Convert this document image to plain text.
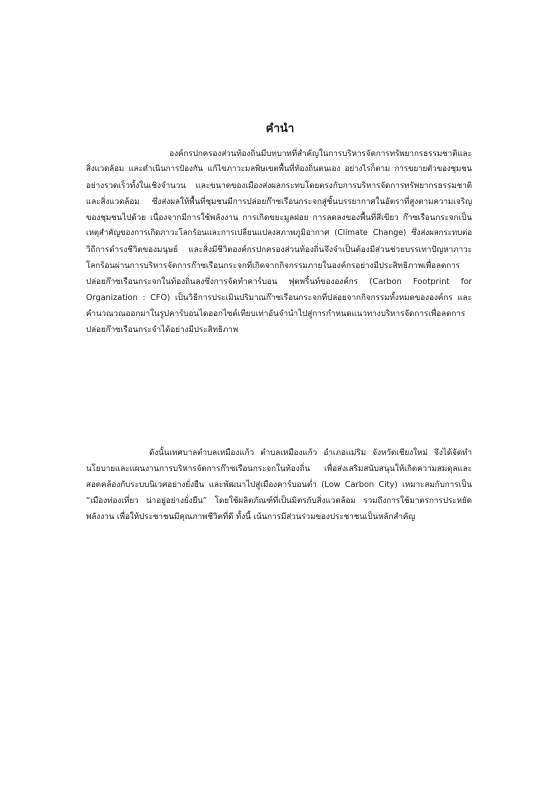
คำนำ
องค์กรปกครองส่วนท้องถิ่นมีบทบาทที่สำคัญในการบริหารจัดการทรัพยากรธรรมชาติและ
สิ่งแวดล้อม และดำเนินการป้องกัน แก้ไขภาวะมลพิษเขตพื้นที่ท้องถิ่นตนเอง อย่างไรก็ตาม การขยายตัวของชุมชน
อย่างรวดเร็วทั้งในเชิงจำนวน และขนาดของเมืองส่งผลกระทบโดยตรงกับการบริหารจัดการทรัพยากรธรรมชาติ
และสิ่งแวดล้อม ซึ่งส่งผลให้พื้นที่ชุมชนมีการปล่อยก๊าซเรือนกระจกสู่ชั้นบรรยากาศในอัตราที่สูงตามความเจริญ
ของชุมชนไปด้วย เนื่องจากมีการใช้พลังงาน การเกิดขยะมูลฝอย การลดลงของพื้นที่สีเขียว ก๊าซเรือนกระจกเป็น
เหตุสำคัญของการเกิดภาวะโลกร้อนและการเปลี่ยนแปลงสภาพภูมิอากาศ (Climate Change) ซึ่งส่งผลกระทบต่อ
วิถีการดำรงชีวิตของมนุษย์ และสิ่งมีชีวิตองค์กรปกครองส่วนท้องถิ่นจึงจำเป็นต้องมีส่วนช่วยบรรเทาปัญหาภาวะ
โลกร้อนผ่านการบริหารจัดการก๊าซเรือนกระจกที่เกิดจากกิจกรรมภายในองค์กรอย่างมีประสิทธิภาพเพื่อลดการ
ปล่อยก๊าซเรือนกระจกในท้องถิ่นลงซึ่งการจัดทำคาร์บอน ฟุตพริ้นท์ขององค์กร (Carbon Footprint for
Organization : CFO) เป็นวิธีการประเมินปริมาณก๊าซเรือนกระจกที่ปล่อยจากกิจกรรมทั้งหมดขององค์กร และ
คำนวณวณออกมาในรูปคาร์บอนไดออกไซด์เทียบเท่าอันจำนำไปสู่การกำหนดแนวทางบริหารจัดการเพื่อลดการ
ปล่อยก๊าซเรือนกระจำได้อย่างมีประสิทธิภาพ
ดังนั้นเทศบาลตำบลเหมืองแก้ว ตำบลเหมืองแก้ว อำเภอแม่ริม จังหวัดเชียงใหม่ จึงได้จัดทำ
นโยบายและแผนงานการบริหารจัดการก๊าซเรือนกระจกในท้องถิ่น เพื่อส่งเสริมสนับสนุนให้เกิดความสมดุลและ
สอดคล้องกับระบบนิเวศอย่างยั่งยืน และพัฒนาไปสู่เมืองคาร์บอนต่ำ (Low Carbon City) เหมาะสมกับการเป็น
“เมืองท่องเที่ยว น่าอยู่อย่างยั่งยืน” โดยใช้ผลิตภัณฑ์ที่เป็นมิตรกับสิ่งแวดล้อม รวมถึงการใช้มาตรการประหยัด
พลังงาน เพื่อให้ประชาชนมีคุณภาพชีวิตที่ดี ทั้งนี้ เน้นการมีส่วนร่วมของประชาชนเป็นหลักสำคัญ
